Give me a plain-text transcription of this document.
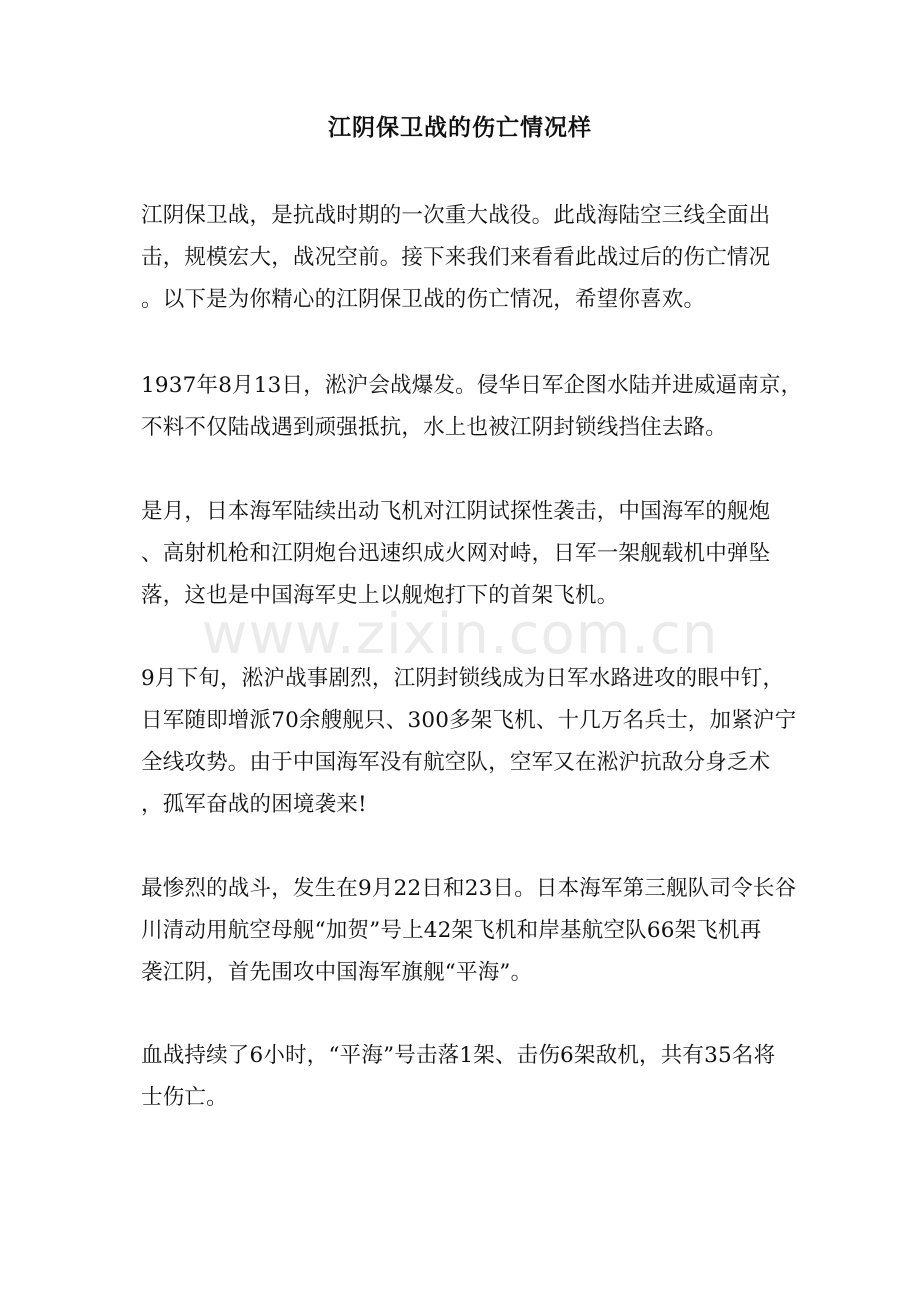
www.zixin.com.cn
江阴保卫战的伤亡情况样
江阴保卫战，是抗战时期的一次重大战役。此战海陆空三线全面出
击，规模宏大，战况空前。接下来我们来看看此战过后的伤亡情况
。以下是为你精心的江阴保卫战的伤亡情况，希望你喜欢。
1937年8月13日，淞沪会战爆发。侵华日军企图水陆并进威逼南京，
不料不仅陆战遇到顽强抵抗，水上也被江阴封锁线挡住去路。
是月，日本海军陆续出动飞机对江阴试探性袭击，中国海军的舰炮
、高射机枪和江阴炮台迅速织成火网对峙，日军一架舰载机中弹坠
落，这也是中国海军史上以舰炮打下的首架飞机。
9月下旬，淞沪战事剧烈，江阴封锁线成为日军水路进攻的眼中钉，
日军随即增派70余艘舰只、300多架飞机、十几万名兵士，加紧沪宁
全线攻势。由于中国海军没有航空队，空军又在淞沪抗敌分身乏术
，孤军奋战的困境袭来!
最惨烈的战斗，发生在9月22日和23日。日本海军第三舰队司令长谷
川清动用航空母舰“加贺”号上42架飞机和岸基航空队66架飞机再
袭江阴，首先围攻中国海军旗舰“平海”。
血战持续了6小时，“平海”号击落1架、击伤6架敌机，共有35名将
士伤亡。
